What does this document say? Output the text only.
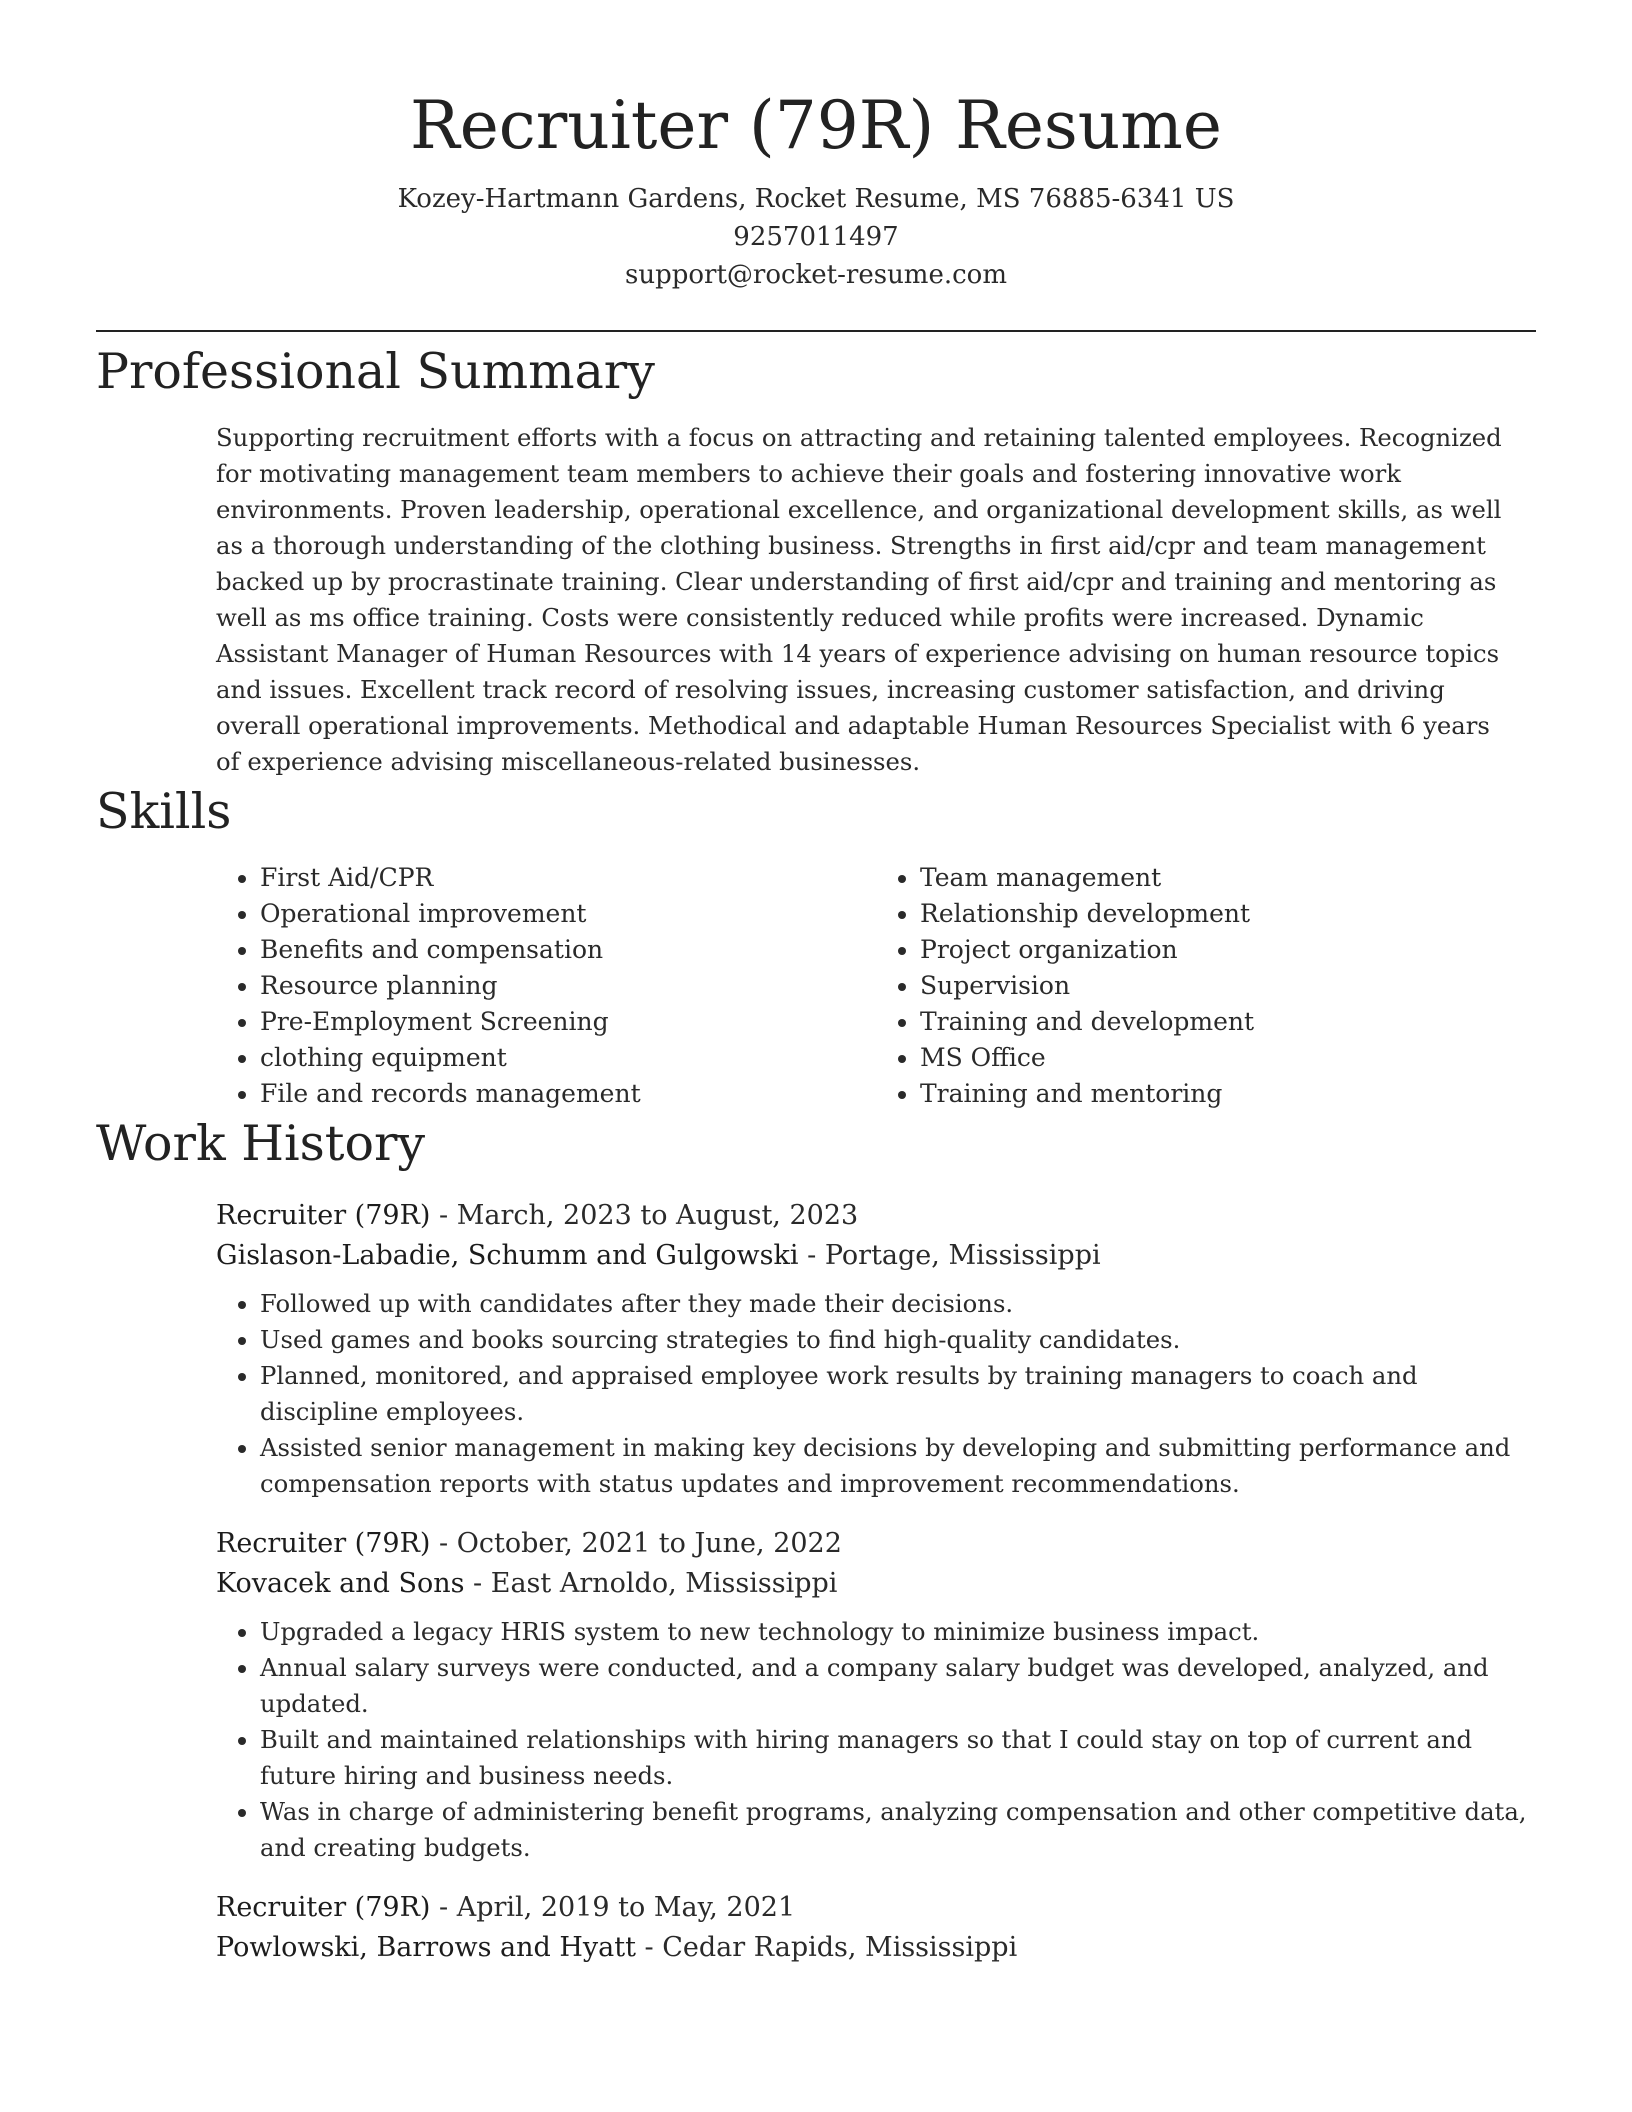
Recruiter (79R) Resume
Kozey-Hartmann Gardens, Rocket Resume, MS 76885-6341 US
9257011497
support@rocket-resume.com
Professional Summary
Supporting recruitment efforts with a focus on attracting and retaining talented employees. Recognized for motivating management team members to achieve their goals and fostering innovative work environments. Proven leadership, operational excellence, and organizational development skills, as well as a thorough understanding of the clothing business. Strengths in first aid/cpr and team management backed up by procrastinate training. Clear understanding of first aid/cpr and training and mentoring as well as ms office training. Costs were consistently reduced while profits were increased. Dynamic Assistant Manager of Human Resources with 14 years of experience advising on human resource topics and issues. Excellent track record of resolving issues, increasing customer satisfaction, and driving overall operational improvements. Methodical and adaptable Human Resources Specialist with 6 years of experience advising miscellaneous-related businesses.
Skills
• First Aid/CPR
• Operational improvement
• Benefits and compensation
• Resource planning
• Pre-Employment Screening
• clothing equipment
• File and records management
• Team management
• Relationship development
• Project organization
• Supervision
• Training and development
• MS Office
• Training and mentoring
Work History
Recruiter (79R) - March, 2023 to August, 2023
Gislason-Labadie, Schumm and Gulgowski - Portage, Mississippi
• Followed up with candidates after they made their decisions.
• Used games and books sourcing strategies to find high-quality candidates.
• Planned, monitored, and appraised employee work results by training managers to coach and discipline employees.
• Assisted senior management in making key decisions by developing and submitting performance and compensation reports with status updates and improvement recommendations.
Recruiter (79R) - October, 2021 to June, 2022
Kovacek and Sons - East Arnoldo, Mississippi
• Upgraded a legacy HRIS system to new technology to minimize business impact.
• Annual salary surveys were conducted, and a company salary budget was developed, analyzed, and updated.
• Built and maintained relationships with hiring managers so that I could stay on top of current and future hiring and business needs.
• Was in charge of administering benefit programs, analyzing compensation and other competitive data, and creating budgets.
Recruiter (79R) - April, 2019 to May, 2021
Powlowski, Barrows and Hyatt - Cedar Rapids, Mississippi
